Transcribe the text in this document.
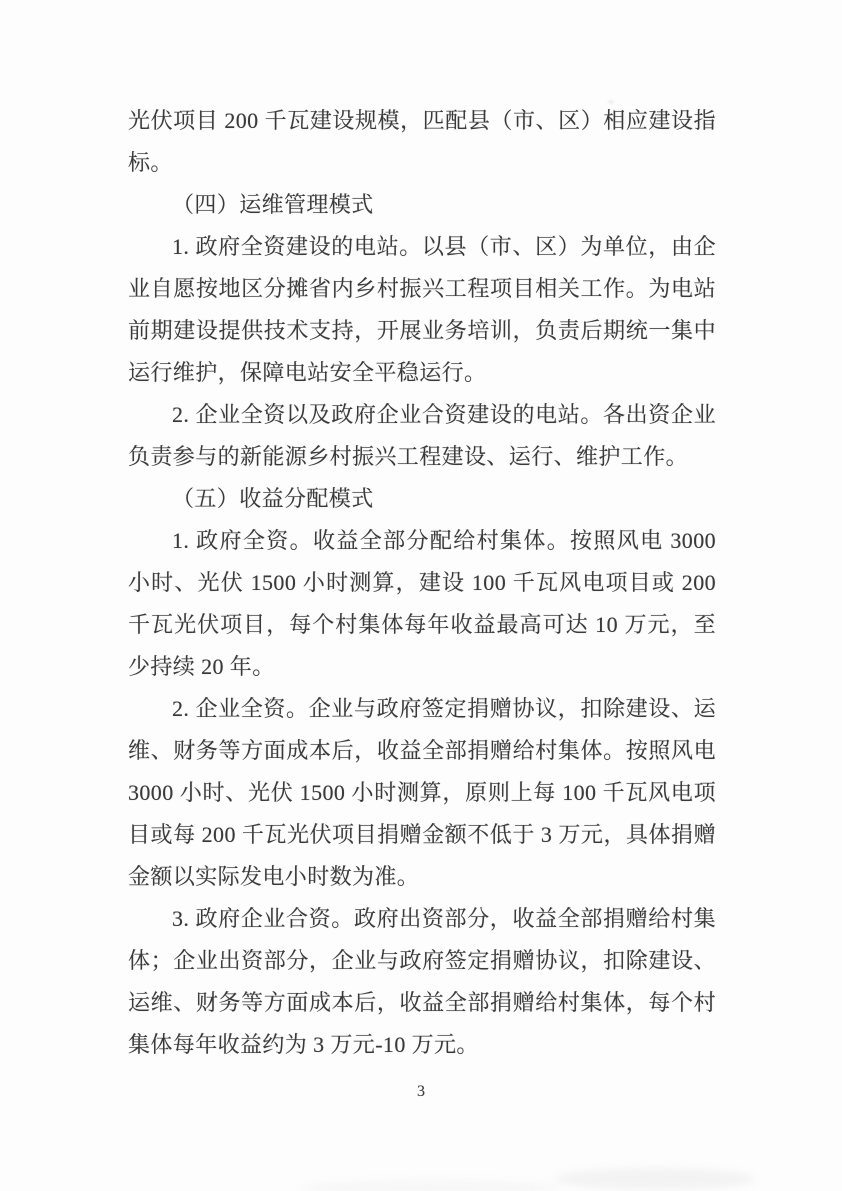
光伏项目 200 千瓦建设规模，匹配县（市、区）相应建设指标。

（四）运维管理模式

1. 政府全资建设的电站。以县（市、区）为单位，由企业自愿按地区分摊省内乡村振兴工程项目相关工作。为电站前期建设提供技术支持，开展业务培训，负责后期统一集中运行维护，保障电站安全平稳运行。

2. 企业全资以及政府企业合资建设的电站。各出资企业负责参与的新能源乡村振兴工程建设、运行、维护工作。

（五）收益分配模式

1. 政府全资。收益全部分配给村集体。按照风电 3000 小时、光伏 1500 小时测算，建设 100 千瓦风电项目或 200 千瓦光伏项目，每个村集体每年收益最高可达 10 万元，至少持续 20 年。

2. 企业全资。企业与政府签定捐赠协议，扣除建设、运维、财务等方面成本后，收益全部捐赠给村集体。按照风电 3000 小时、光伏 1500 小时测算，原则上每 100 千瓦风电项目或每 200 千瓦光伏项目捐赠金额不低于 3 万元，具体捐赠金额以实际发电小时数为准。

3. 政府企业合资。政府出资部分，收益全部捐赠给村集体；企业出资部分，企业与政府签定捐赠协议，扣除建设、运维、财务等方面成本后，收益全部捐赠给村集体，每个村集体每年收益约为 3 万元-10 万元。

3
